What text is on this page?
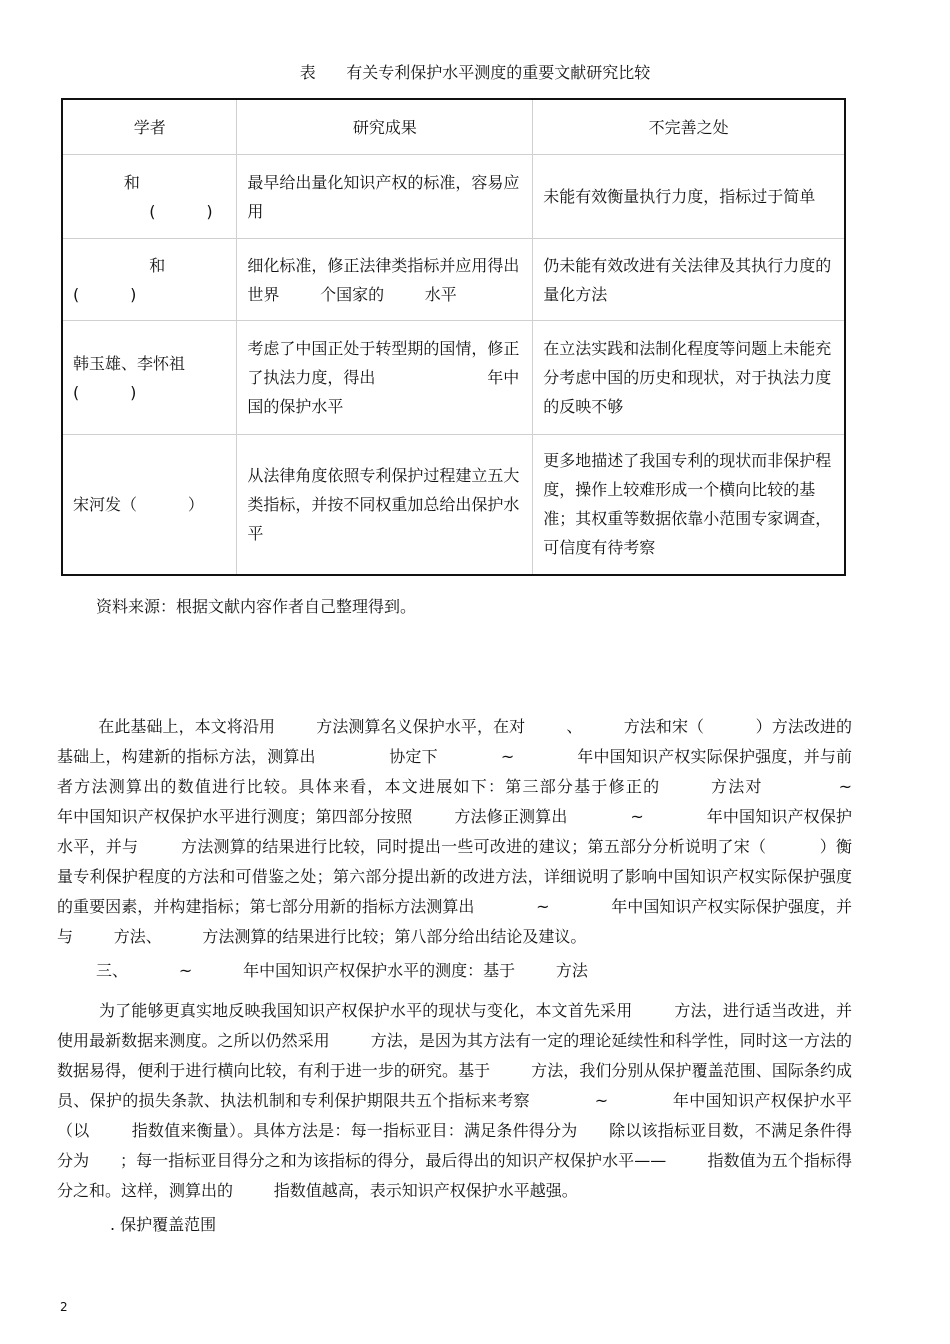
表      有关专利保护水平测度的重要文献研究比较
学者	研究成果	不完善之处
和
(          )	最早给出量化知识产权的标准，容易应用	未能有效衡量执行力度，指标过于简单
和
(          )	细化标准，修正法律类指标并应用得出世界        个国家的        水平	仍未能有效改进有关法律及其执行力度的量化方法
韩玉雄、李怀祖
(          )	考虑了中国正处于转型期的国情，修正了执法力度，得出                      年中国的保护水平	在立法实践和法制化程度等问题上未能充分考虑中国的历史和现状，对于执法力度的反映不够
宋河发（          ）	从法律角度依照专利保护过程建立五大类指标，并按不同权重加总给出保护水平	更多地描述了我国专利的现状而非保护程度，操作上较难形成一个横向比较的基准；其权重等数据依靠小范围专家调查，可信度有待考察
资料来源：根据文献内容作者自己整理得到。
在此基础上，本文将沿用        方法测算名义保护水平，在对        、        方法和宋（          ）方法改进的基础上，构建新的指标方法，测算出              协定下            ~            年中国知识产权实际保护强度，并与前者方法测算出的数值进行比较。具体来看，本文进展如下：第三部分基于修正的        方法对            ~            年中国知识产权保护水平进行测度；第四部分按照        方法修正测算出            ~            年中国知识产权保护水平，并与        方法测算的结果进行比较，同时提出一些可改进的建议；第五部分分析说明了宋（          ）衡量专利保护程度的方法和可借鉴之处；第六部分提出新的改进方法，详细说明了影响中国知识产权实际保护强度的重要因素，并构建指标；第七部分用新的指标方法测算出            ~            年中国知识产权实际保护强度，并与        方法、        方法测算的结果进行比较；第八部分给出结论及建议。
三、          ~          年中国知识产权保护水平的测度：基于        方法
为了能够更真实地反映我国知识产权保护水平的现状与变化，本文首先采用        方法，进行适当改进，并使用最新数据来测度。之所以仍然采用        方法，是因为其方法有一定的理论延续性和科学性，同时这一方法的数据易得，便利于进行横向比较，有利于进一步的研究。基于        方法，我们分别从保护覆盖范围、国际条约成员、保护的损失条款、执法机制和专利保护期限共五个指标来考察            ~            年中国知识产权保护水平（以        指数值来衡量）。具体方法是：每一指标亚目：满足条件得分为      除以该指标亚目数，不满足条件得分为      ；每一指标亚目得分之和为该指标的得分，最后得出的知识产权保护水平——        指数值为五个指标得分之和。这样，测算出的        指数值越高，表示知识产权保护水平越强。
. 保护覆盖范围
2
